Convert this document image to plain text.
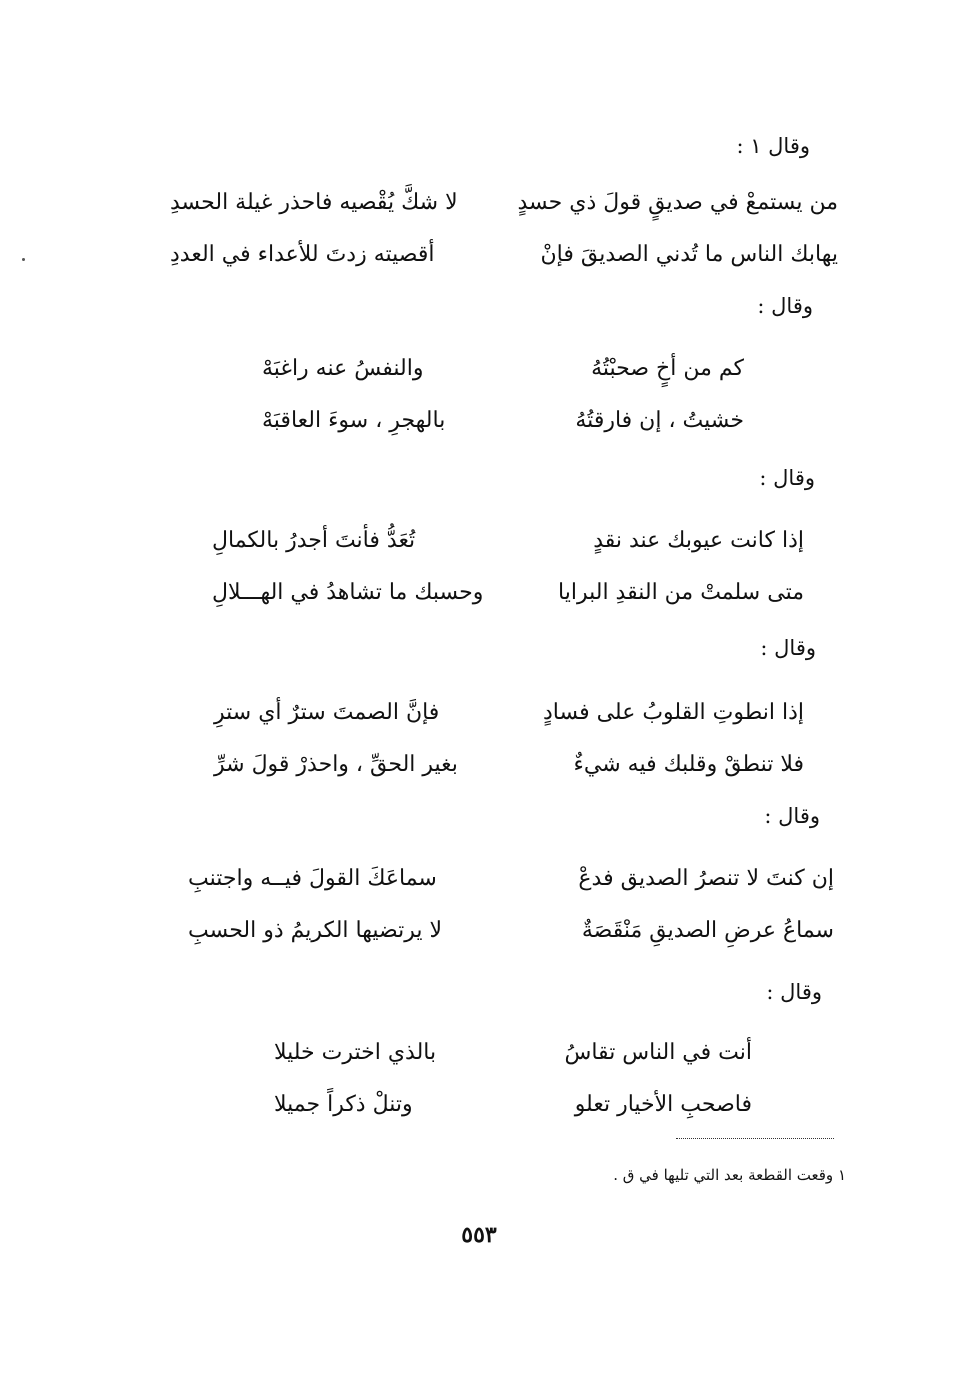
وقال ١ :
من يستمعْ في صديقٍ قولَ ذي حسدٍ
لا شكَّ يُقْصيه فاحذر غيلة الحسدِ
يهابك الناس ما تُدني الصديقَ فإنْ
أقصيته زدتَ للأعداء في العددِ
وقال :
كم من أخٍ صحبْتُهُ
والنفسُ عنه راغبَهْ
خشيتُ ، إن فارقتُهُ
بالهجرِ ، سوءَ العاقبَهْ
وقال :
إذا كانت عيوبك عند نقدٍ
تُعَدُّ فأنتَ أجدرُ بالكمالِ
متى سلمتْ من النقدِ البرايا
وحسبك ما تشاهدُ في الهـــلالِ
وقال :
إذا انطوتِ القلوبُ على فسادٍ
فإنَّ الصمتَ سترٌ أي سترِ
فلا تنطقْ وقلبك فيه شيءٌ
بغير الحقِّ ، واحذرْ قولَ شرِّ
وقال :
إن كنتَ لا تنصرُ الصديق فدعْ
سماعَكَ القولَ فيــه واجتنبِ
سماعُ عرضِ الصديقِ مَنْقَصَةٌ
لا يرتضيها الكريمُ ذو الحسبِ
وقال :
أنت في الناس تقاسُ
بالذي اخترت خليلا
فاصحبِ الأخيار تعلو
وتنلْ ذكراً جميلا
١ وقعت القطعة بعد التي تليها في ق .
٥٥٣
